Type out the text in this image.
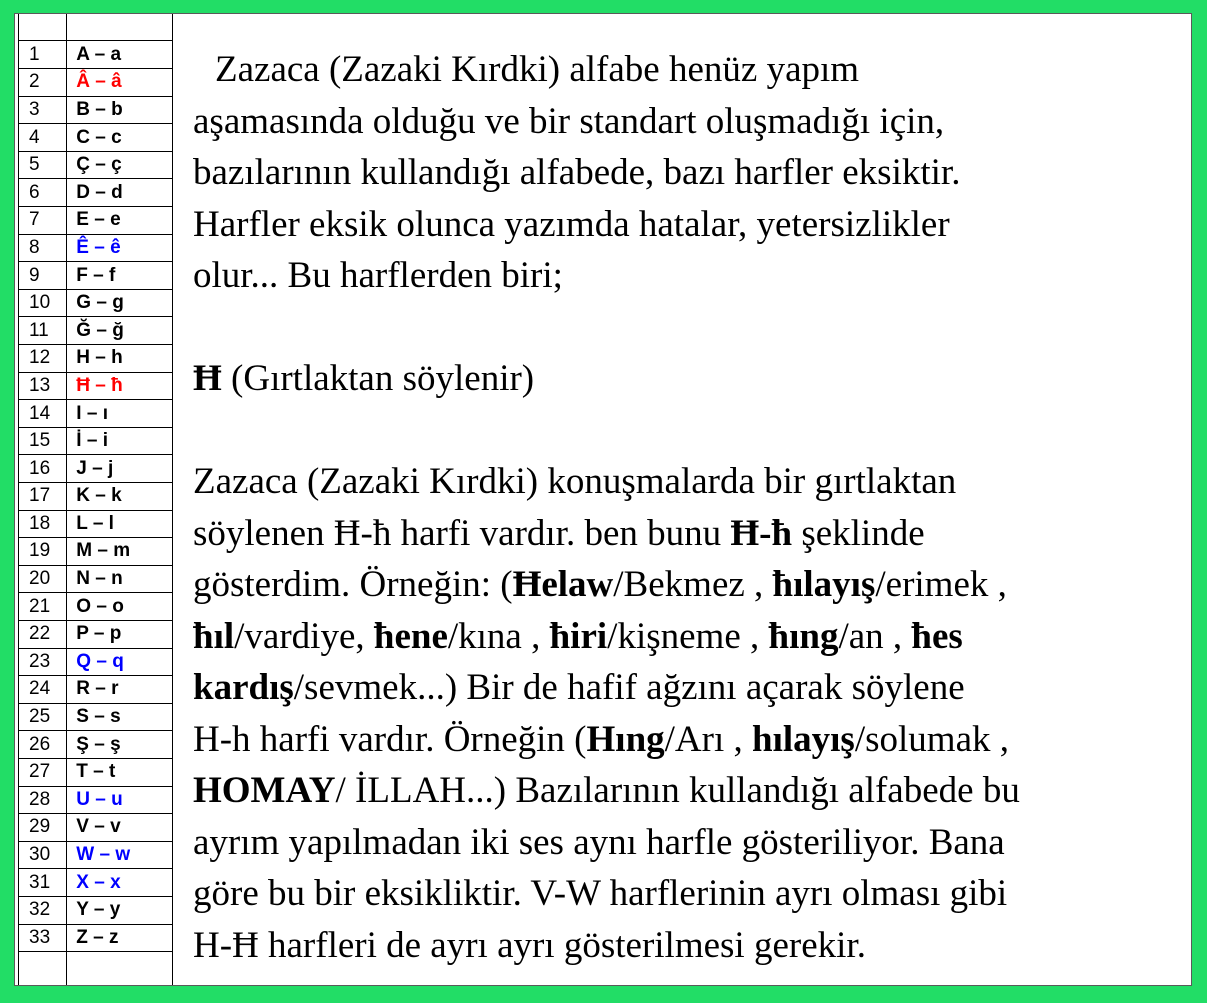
1	A – a
2	Â – â
3	B – b
4	C – c
5	Ç – ç
6	D – d
7	E – e
8	Ê – ê
9	F – f
10	G – g
11	Ğ – ğ
12	H – h
13	Ħ – ħ
14	I – ı
15	İ – i
16	J – j
17	K – k
18	L – l
19	M – m
20	N – n
21	O – o
22	P – p
23	Q – q
24	R – r
25	S – s
26	Ş – ş
27	T – t
28	U – u
29	V – v
30	W – w
31	X – x
32	Y – y
33	Z – z

Zazaca (Zazaki Kırdki) alfabe henüz yapım

aşamasında olduğu ve bir standart oluşmadığı için,

bazılarının kullandığı alfabede, bazı harfler eksiktir.

Harfler eksik olunca yazımda hatalar, yetersizlikler

olur... Bu harflerden biri;

Ħ (Gırtlaktan söylenir)

Zazaca (Zazaki Kırdki) konuşmalarda bir gırtlaktan

söylenen Ħ-ħ harfi vardır. ben bunu Ħ-ħ şeklinde

gösterdim. Örneğin: (Ħelaw/Bekmez , ħılayış/erimek ,

ħıl/vardiye, ħene/kına , ħiri/kişneme , ħıng/an , ħes

kardış/sevmek...) Bir de hafif ağzını açarak söylene

H-h harfi vardır. Örneğin (Hıng/Arı , hılayış/solumak ,

HOMAY/ İLLAH...) Bazılarının kullandığı alfabede bu

ayrım yapılmadan iki ses aynı harfle gösteriliyor. Bana

göre bu bir eksikliktir. V-W harflerinin ayrı olması gibi

H-Ħ harfleri de ayrı ayrı gösterilmesi gerekir.
